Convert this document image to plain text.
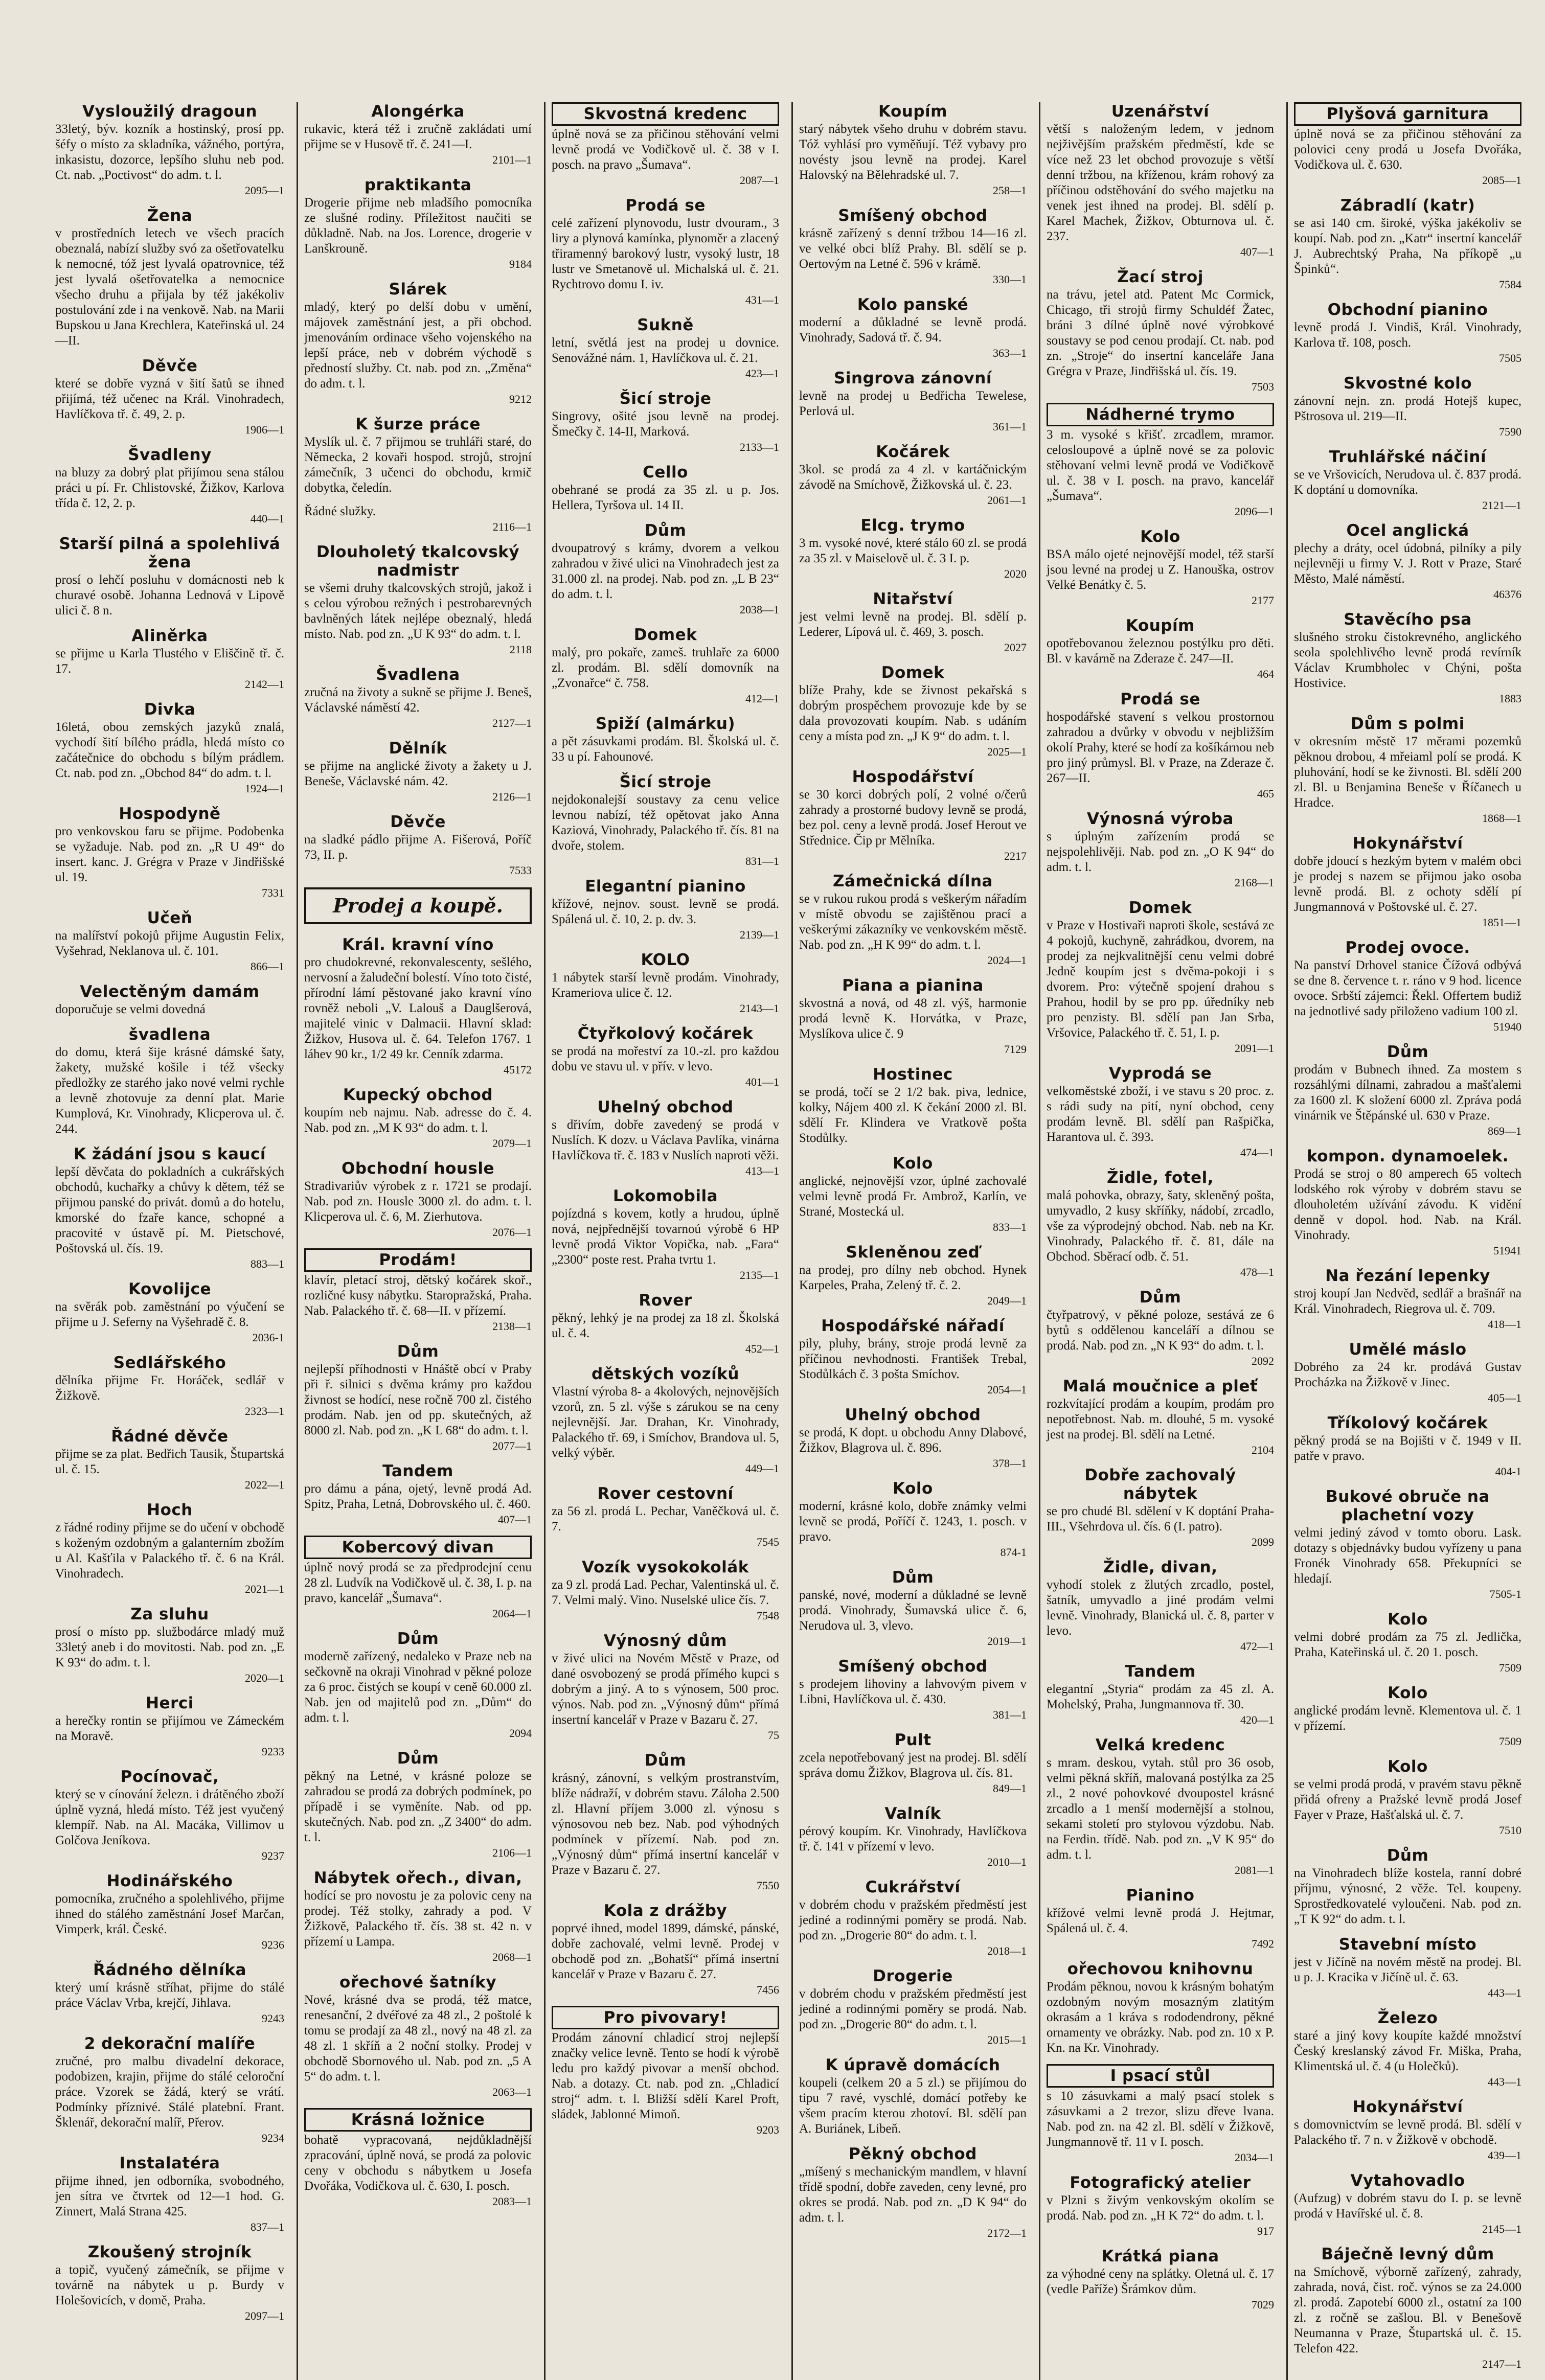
Vysloužilý dragoun

33letý, býv. kozník a hostinský, prosí pp. šéfy o místo za skladníka, vážného, portýra, inkasistu, dozorce, lepšího sluhu neb pod. Ct. nab. „Poctivost“ do adm. t. l.

2095—1

Žena

v prostředních letech ve všech pracích obeznalá, nabízí služby svó za ošetřovatelku k nemocné, tóž jest lyvalá opatrovnice, též jest lyvalá ošetřovatelka a nemocnice všecho druhu a přijala by též jakékoliv postulování zde i na venkově. Nab. na Marii Bupskou u Jana Krechlera, Kateřinská ul. 24—II.

Děvče

které se dobře vyzná v šití šatů se ihned přijímá, též učenec na Král. Vinohradech, Havlíčkova tř. č. 49, 2. p.

1906—1

Švadleny

na bluzy za dobrý plat přijímou sena stálou práci u pí. Fr. Chlistovské, Žižkov, Karlova třída č. 12, 2. p.

440—1

Starší pilná a spolehlivá žena

prosí o lehčí posluhu v domácnosti neb k churavé osobě. Johanna Lednová v Lipově ulici č. 8 n.

Aliněrka

se přijme u Karla Tlustého v Eliščině tř. č. 17.

2142—1

Divka

16letá, obou zemských jazyků znalá, vychodí šití bílého prádla, hledá místo co začátečnice do obchodu s bílým prádlem. Ct. nab. pod zn. „Obchod 84“ do adm. t. l.

1924—1

Hospodyně

pro venkovskou faru se přijme. Podobenka se vyžaduje. Nab. pod zn. „R U 49“ do insert. kanc. J. Grégra v Praze v Jindřišské ul. 19.

7331

Učeň

na malířství pokojů přijme Augustin Felix, Vyšehrad, Neklanova ul. č. 101.

866—1

Velectěným damám

doporučuje se velmi dovedná

švadlena

do domu, která šije krásné dámské šaty, žakety, mužské košile i též všecky předložky ze starého jako nové velmi rychle a levně zhotovuje za denní plat. Marie Kumplová, Kr. Vinohrady, Klicperova ul. č. 244.

K žádání jsou s kaucí

lepší děvčata do pokladních a cukrářských obchodů, kuchařky a chůvy k dětem, též se přijmou panské do privát. domů a do hotelu, kmorské do fzaře kance, schopné a pracovité v ústavě pí. M. Pietschové, Poštovská ul. čís. 19.

883—1

Kovolijce

na svěrák pob. zaměstnání po výučení se přijme u J. Seferny na Vyšehradě č. 8.

2036-1

Sedlářského

dělníka přijme Fr. Horáček, sedlář v Žižkově.

2323—1

Řádné děvče

přijme se za plat. Bedřich Tausik, Štupartská ul. č. 15.

2022—1

Hoch

z řádné rodiny přijme se do učení v obchodě s koženým ozdobným a galanterním zbožím u Al. Kašťila v Palackého tř. č. 6 na Král. Vinohradech.

2021—1

Za sluhu

prosí o místo pp. službodárce mladý muž 33letý aneb i do movitosti. Nab. pod zn. „E K 93“ do adm. t. l.

2020—1

Herci

a herečky rontin se přijímou ve Zámeckém na Moravě.

9233

Pocínovač,

který se v cínování železn. i drátěného zboží úplně vyzná, hledá místo. Též jest vyučený klempíř. Nab. na Al. Macáka, Villimov u Golčova Jeníkova.

9237

Hodinářského

pomocníka, zručného a spolehlivého, přijme ihned do stálého zaměstnání Josef Marčan, Vimperk, král. České.

9236

Řádného dělníka

který umí krásně stříhat, přijme do stálé práce Václav Vrba, krejčí, Jihlava.

9243

2 dekorační malíře

zručné, pro malbu divadelní dekorace, podobizen, krajin, přijme do stálé celoroční práce. Vzorek se žádá, který se vrátí. Podmínky příznivé. Stálé platební. Frant. Šklenář, dekorační malíř, Přerov.

9234

Instalatéra

přijme ihned, jen odborníka, svobodného, jen sítra ve čtvrtek od 12—1 hod. G. Zinnert, Malá Strana 425.

837—1

Zkoušený strojník

a topič, vyučený zámečník, se přijme v továrně na nábytek u p. Burdy v Holešovicích, v domě, Praha.

2097—1

Alongérka

rukavic, která též i zručně zakládati umí přijme se v Husově tř. č. 241—I.

2101—1

praktikanta

Drogerie přijme neb mladšího pomocníka ze slušné rodiny. Příležitost naučiti se důkladně. Nab. na Jos. Lorence, drogerie v Lanškrouně.

9184

Slárek

mladý, který po delší dobu v umění, májovek zaměstnání jest, a při obchod. jmenováním ordinace všeho vojenského na lepší práce, neb v dobrém východě s předností služby. Ct. nab. pod zn. „Změna“ do adm. t. l.

9212

K šurze práce

Myslík ul. č. 7 přijmou se truhláři staré, do Německa, 2 kovaři hospod. strojů, strojní zámečník, 3 učenci do obchodu, krmič dobytka, čeledín.

Řádné služky.

2116—1

Dlouholetý tkalcovský nadmistr

se všemi druhy tkalcovských strojů, jakož i s celou výrobou režných i pestrobarevných bavlněných látek nejlépe obeznalý, hledá místo. Nab. pod zn. „U K 93“ do adm. t. l.

2118

Švadlena

zručná na životy a sukně se přijme J. Beneš, Václavské náměstí 42.

2127—1

Dělník

se přijme na anglické životy a žakety u J. Beneše, Václavské nám. 42.

2126—1

Děvče

na sladké pádlo přijme A. Fišerová, Poříč 73, II. p.

7533

Prodej a koupě.
Král. kravní víno

pro chudokrevné, rekonvalescenty, sešlého, nervosní a žaludeční bolestí. Víno toto čisté, přírodní lámí pěstované jako kravní víno rovněž neboli „V. Lalouš a Dauglšerová, majitelé vinic v Dalmacii. Hlavní sklad: Žižkov, Husova ul. č. 64. Telefon 1767. 1 láhev 90 kr., 1/2 49 kr. Cenník zdarma.

45172

Kupecký obchod

koupím neb najmu. Nab. adresse do č. 4. Nab. pod zn. „M K 93“ do adm. t. l.

2079—1

Obchodní housle

Stradivariův výrobek z r. 1721 se prodají. Nab. pod zn. Housle 3000 zl. do adm. t. l. Klicperova ul. č. 6, M. Zierhutova.

2076—1

Prodám!

klavír, pletací stroj, dětský kočárek skoř., rozličné kusy nábytku. Staropražská, Praha. Nab. Palackého tř. č. 68—II. v přízemí.

2138—1

Dům

nejlepší příhodnosti v Hnáště obcí v Praby při ř. silnici s dvěma krámy pro každou živnost se hodící, nese ročně 700 zl. čistého prodám. Nab. jen od pp. skutečných, až 8000 zl. Nab. pod zn. „K L 68“ do adm. t. l.

2077—1

Tandem

pro dámu a pána, ojetý, levně prodá Ad. Spitz, Praha, Letná, Dobrovského ul. č. 460.

407—1

Kobercový divan

úplně nový prodá se za předprodejní cenu 28 zl. Ludvík na Vodičkově ul. č. 38, I. p. na pravo, kancelář „Šumava“.

2064—1

Dům

moderně zařízený, nedaleko v Praze neb na sečkovně na okraji Vinohrad v pěkné poloze za 6 proc. čistých se koupí v ceně 60.000 zl. Nab. jen od majitelů pod zn. „Dům“ do adm. t. l.

2094

Dům

pěkný na Letné, v krásné poloze se zahradou se prodá za dobrých podmínek, po případě i se vyměníte. Nab. od pp. skutečných. Nab. pod zn. „Z 3400“ do adm. t. l.

2106—1

Nábytek ořech., divan,

hodící se pro novostu je za polovic ceny na prodej. Též stolky, zahrady a pod. V Žižkově, Palackého tř. čís. 38 st. 42 n. v přízemí u Lampa.

2068—1

ořechové šatníky

Nové, krásné dva se prodá, též matce, renesanční, 2 dvéřové za 48 zl., 2 poštolé k tomu se prodají za 48 zl., nový na 48 zl. za 48 zl. 1 skříň a 2 noční stolky. Prodej v obchodě Sbornového ul. Nab. pod zn. „5 A 5“ do adm. t. l.

2063—1

Krásná ložnice

bohatě vypracovaná, nejdůkladnější zpracování, úplně nová, se prodá za polovic ceny v obchodu s nábytkem u Josefa Dvořáka, Vodičkova ul. č. 630, I. posch.

2083—1

Skvostná kredenc

úplně nová se za přičinou stěhování velmi levně prodá ve Vodičkově ul. č. 38 v I. posch. na pravo „Šumava“.

2087—1

Prodá se

celé zařízení plynovodu, lustr dvouram., 3 liry a plynová kamínka, plynoměr a zlacený třiramenný barokový lustr, vysoký lustr, 18 lustr ve Smetanově ul. Michalská ul. č. 21. Rychtrovo domu I. iv.

431—1

Sukně

letní, světlá jest na prodej u dovnice. Senovážné nám. 1, Havlíčkova ul. č. 21.

423—1

Šicí stroje

Singrovy, ošité jsou levně na prodej. Šmečky č. 14-II, Marková.

2133—1

Cello

obehrané se prodá za 35 zl. u p. Jos. Hellera, Tyršova ul. 14 II.

Dům

dvoupatrový s krámy, dvorem a velkou zahradou v živé ulici na Vinohradech jest za 31.000 zl. na prodej. Nab. pod zn. „L B 23“ do adm. t. l.

2038—1

Domek

malý, pro pokaře, zameš. truhlaře za 6000 zl. prodám. Bl. sdělí domovník na „Zvonařce“ č. 758.

412—1

Spiží (almárku)

a pět zásuvkami prodám. Bl. Školská ul. č. 33 u pí. Fahounové.

Šicí stroje

nejdokonalejší soustavy za cenu velice levnou nabízí, též opětovat jako Anna Kaziová, Vinohrady, Palackého tř. čís. 81 na dvoře, stolem.

831—1

Elegantní pianino

křížové, nejnov. soust. levně se prodá. Spálená ul. č. 10, 2. p. dv. 3.

2139—1

KOLO

1 nábytek starší levně prodám. Vinohrady, Krameriova ulice č. 12.

2143—1

Čtyřkolový kočárek

se prodá na mořeství za 10.-zl. pro každou dobu ve stavu ul. v přív. v levo.

401—1

Uhelný obchod

s dřivím, dobře zavedený se prodá v Nuslích. K dozv. u Václava Pavlíka, vinárna Havlíčkova tř. č. 183 v Nuslích naproti věži.

413—1

Lokomobila

pojízdná s kovem, kotly a hrudou, úplně nová, nejpřednější tovarnoú výrobě 6 HP levně prodá Viktor Vopička, nab. „Fara“ „2300“ poste rest. Praha tvrtu 1.

2135—1

Rover

pěkný, lehký je na prodej za 18 zl. Školská ul. č. 4.

452—1

dětských vozíků

Vlastní výroba 8- a 4kolových, nejnovějších vzorů, zn. 5 zl. výše s zárukou se na ceny nejlevnější. Jar. Drahan, Kr. Vinohrady, Palackého tř. 69, i Smíchov, Brandova ul. 5, velký výběr.

449—1

Rover cestovní

za 56 zl. prodá L. Pechar, Vaněčková ul. č. 7.

7545

Vozík vysokokolák

za 9 zl. prodá Lad. Pechar, Valentinská ul. č. 7. Velmi malý. Vino. Nuselské ulice čís. 7.

7548

Výnosný dům

v živé ulici na Novém Městě v Praze, od dané osvobozený se prodá přímého kupci s dobrým a jiný. A to s výnosem, 500 proc. výnos. Nab. pod zn. „Výnosný dům“ přímá insertní kancelář v Praze v Bazaru č. 27.

75

Dům

krásný, zánovní, s velkým prostranstvím, blíže nádraží, v dobrém stavu. Záloha 2.500 zl. Hlavní příjem 3.000 zl. výnosu s výnosovou neb bez. Nab. pod výhodných podmínek v přízemí. Nab. pod zn. „Výnosný dům“ přímá insertní kancelář v Praze v Bazaru č. 27.

7550

Kola z drážby

poprvé ihned, model 1899, dámské, pánské, dobře zachovalé, velmi levně. Prodej v obchodě pod zn. „Bohatší“ přímá insertní kancelář v Praze v Bazaru č. 27.

7456

Pro pivovary!

Prodám zánovní chladicí stroj nejlepší značky velice levně. Tento se hodí k výrobě ledu pro každý pivovar a menší obchod. Nab. a dotazy. Ct. nab. pod zn. „Chladicí stroj“ adm. t. l. Bližší sdělí Karel Proft, sládek, Jablonné Mimoň.

9203

Koupím

starý nábytek všeho druhu v dobrém stavu. Tóž vyhlásí pro vyměňují. Též vybavy pro novésty jsou levně na prodej. Karel Halovský na Bělehradské ul. 7.

258—1

Smíšený obchod

krásně zařízený s denní tržbou 14—16 zl. ve velké obci blíž Prahy. Bl. sdělí se p. Oertovým na Letné č. 596 v krámě.

330—1

Kolo panské

moderní a důkladné se levně prodá. Vinohrady, Sadová tř. č. 94.

363—1

Singrova zánovní

levně na prodej u Bedřicha Tewelese, Perlová ul.

361—1

Kočárek

3kol. se prodá za 4 zl. v kartáčnickým závodě na Smíchově, Žižkovská ul. č. 23.

2061—1

Elcg. trymo

3 m. vysoké nové, které stálo 60 zl. se prodá za 35 zl. v Maiselově ul. č. 3 I. p.

2020

Nitařství

jest velmi levně na prodej. Bl. sdělí p. Lederer, Lípová ul. č. 469, 3. posch.

2027

Domek

blíže Prahy, kde se živnost pekařská s dobrým prospěchem provozuje kde by se dala provozovati koupím. Nab. s udáním ceny a místa pod zn. „J K 9“ do adm. t. l.

2025—1

Hospodářství

se 30 korci dobrých polí, 2 volné o/čerů zahrady a prostorné budovy levně se prodá, bez pol. ceny a levně prodá. Josef Herout ve Střednice. Čip pr Mělníka.

2217

Zámečnická dílna

se v rukou rukou prodá s veškerým nářadím v místě obvodu se zajištěnou prací a veškerými zákazníky ve venkovském městě. Nab. pod zn. „H K 99“ do adm. t. l.

2024—1

Piana a pianina

skvostná a nová, od 48 zl. výš, harmonie prodá levně K. Horvátka, v Praze, Myslíkova ulice č. 9

7129

Hostinec

se prodá, točí se 2 1/2 bak. piva, lednice, kolky, Nájem 400 zl. K čekání 2000 zl. Bl. sdělí Fr. Klindera ve Vratkově pošta Stodůlky.

Kolo

anglické, nejnovější vzor, úplné zachovalé velmi levně prodá Fr. Ambrož, Karlín, ve Strané, Mostecká ul.

833—1

Skleněnou zeď

na prodej, pro dílny neb obchod. Hynek Karpeles, Praha, Zelený tř. č. 2.

2049—1

Hospodářské nářadí

pily, pluhy, brány, stroje prodá levně za příčinou nevhodnosti. František Trebal, Stodůlkách č. 3 pošta Smíchov.

2054—1

Uhelný obchod

se prodá, K dopt. u obchodu Anny Dlabové, Žižkov, Blagrova ul. č. 896.

378—1

Kolo

moderní, krásné kolo, dobře známky velmi levně se prodá, Poříčí č. 1243, 1. posch. v pravo.

874-1

Dům

panské, nové, moderní a důkladné se levně prodá. Vinohrady, Šumavská ulice č. 6, Nerudova ul. 3, vlevo.

2019—1

Smíšený obchod

s prodejem lihoviny a lahvovým pivem v Libni, Havlíčkova ul. č. 430.

381—1

Pult

zcela nepotřebovaný jest na prodej. Bl. sdělí správa domu Žižkov, Blagrova ul. čís. 81.

849—1

Valník

pérový koupím. Kr. Vinohrady, Havlíčkova tř. č. 141 v přízemí v levo.

2010—1

Cukrářství

v dobrém chodu v pražském předměstí jest jediné a rodinnými poměry se prodá. Nab. pod zn. „Drogerie 80“ do adm. t. l.

2018—1

Drogerie

v dobrém chodu v pražském předměstí jest jediné a rodinnými poměry se prodá. Nab. pod zn. „Drogerie 80“ do adm. t. l.

2015—1

K úpravě domácích

koupeli (celkem 20 a 5 zl.) se přijímou do tipu 7 ravé, vyschlé, domácí potřeby ke všem pracím kterou zhotoví. Bl. sdělí pan A. Buriánek, Libeň.

Pěkný obchod

„míšený s mechanickým mandlem, v hlavní třídě spodní, dobře zaveden, ceny levné, pro okres se prodá. Nab. pod zn. „D K 94“ do adm. t. l.

2172—1

Uzenářství

větší s naloženým ledem, v jednom nejživějším pražském předměstí, kde se více než 23 let obchod provozuje s větší denní tržbou, na kříženou, krám rohový za příčinou odstěhování do svého majetku na venek jest ihned na prodej. Bl. sdělí p. Karel Machek, Žižkov, Obturnova ul. č. 237.

407—1

Žací stroj

na trávu, jetel atd. Patent Mc Cormick, Chicago, tři strojů firmy Schuldéf Žatec, bráni 3 dílné úplně nové výrobkové soustavy se pod cenou prodají. Ct. nab. pod zn. „Stroje“ do insertní kanceláře Jana Grégra v Praze, Jindřišská ul. čís. 19.

7503

Nádherné trymo

3 m. vysoké s křišť. zrcadlem, mramor. celosloupové a úplně nové se za polovic stěhovaní velmi levně prodá ve Vodičkově ul. č. 38 v I. posch. na pravo, kancelář „Šumava“.

2096—1

Kolo

BSA málo ojeté nejnovější model, též starší jsou levné na prodej u Z. Hanouška, ostrov Velké Benátky č. 5.

2177

Koupím

opotřebovanou železnou postýlku pro děti. Bl. v kavárně na Zderaze č. 247—II.

464

Prodá se

hospodářské stavení s velkou prostornou zahradou a dvůrky v obvodu v nejbližším okolí Prahy, které se hodí za košíkárnou neb pro jiný průmysl. Bl. v Praze, na Zderaze č. 267—II.

465

Výnosná výroba

s úplným zařízením prodá se nejspolehlivěji. Nab. pod zn. „O K 94“ do adm. t. l.

2168—1

Domek

v Praze v Hostivaři naproti škole, sestává ze 4 pokojů, kuchyně, zahrádkou, dvorem, na prodej za nejkvalitnější cenu velmi dobré Jedně koupím jest s dvěma-pokoji i s dvorem. Pro: výtečně spojení drahou s Prahou, hodil by se pro pp. úředníky neb pro penzisty. Bl. sdělí pan Jan Srba, Vršovice, Palackého tř. č. 51, I. p.

2091—1

Vyprodá se

velkoměstské zboží, i ve stavu s 20 proc. z. s rádi sudy na pití, nyní obchod, ceny prodám levně. Bl. sdělí pan Rašpička, Harantova ul. č. 393.

474—1

Židle, fotel,

malá pohovka, obrazy, šaty, skleněný pošta, umyvadlo, 2 kusy skříňky, nádobí, zrcadlo, vše za výprodejný obchod. Nab. neb na Kr. Vinohrady, Palackého tř. č. 81, dále na Obchod. Sběrací odb. č. 51.

478—1

Dům

čtyřpatrový, v pěkné poloze, sestává ze 6 bytů s oddělenou kanceláří a dílnou se prodá. Nab. pod zn. „N K 93“ do adm. t. l.

2092

Malá moučnice a pleť

rozkvítající prodám a koupím, prodám pro nepotřebnost. Nab. m. dlouhé, 5 m. vysoké jest na prodej. Bl. sdělí na Letné.

2104

Dobře zachovalý nábytek

se pro chudé Bl. sdělení v K doptání Praha-III., Všehrdova ul. čís. 6 (I. patro).

2099

Židle, divan,

vyhodí stolek z žlutých zrcadlo, postel, šatník, umyvadlo a jiné prodám velmi levně. Vinohrady, Blanická ul. č. 8, parter v levo.

472—1

Tandem

elegantní „Styria“ prodám za 45 zl. A. Mohelský, Praha, Jungmannova tř. 30.

420—1

Velká kredenc

s mram. deskou, vytah. stůl pro 36 osob, velmi pěkná skříň, malovaná postýlka za 25 zl., 2 nové pohovkové dvoupostel krásné zrcadlo a 1 menší modernější a stolnou, sekami století pro stylovou výzdobu. Nab. na Ferdin. třídě. Nab. pod zn. „V K 95“ do adm. t. l.

2081—1

Pianino

křížové velmi levně prodá J. Hejtmar, Spálená ul. č. 4.

7492

ořechovou knihovnu

Prodám pěknou, novou k krásným bohatým ozdobným novým mosazným zlatitým okrasám a 1 kráva s rododendrony, pěkné ornamenty ve obrázky. Nab. pod zn. 10 x P. Kn. na Kr. Vinohrady.

I psací stůl

s 10 zásuvkami a malý psací stolek s zásuvkami a 2 trezor, slizu dřeve lvana. Nab. pod zn. na 42 zl. Bl. sdělí v Žižkově, Jungmannově tř. 11 v I. posch.

2034—1

Fotografický atelier

v Plzni s živým venkovským okolím se prodá. Nab. pod zn. „H K 72“ do adm. t. l.

917

Krátká piana

za výhodné ceny na splátky. Oletná ul. č. 17 (vedle Paříže) Šrámkov dům.

7029

Plyšová garnitura

úplně nová se za přičinou stěhování za polovici ceny prodá u Josefa Dvořáka, Vodičkova ul. č. 630.

2085—1

Zábradlí (katr)

se asi 140 cm. široké, výška jakékoliv se koupí. Nab. pod zn. „Katr“ insertní kancelář J. Aubrechtský Praha, Na příkopě „u Špinků“.

7584

Obchodní pianino

levně prodá J. Vindiš, Král. Vinohrady, Karlova tř. 108, posch.

7505

Skvostné kolo

zánovní nejn. zn. prodá Hotejš kupec, Pštrosova ul. 219—II.

7590

Truhlářské náčiní

se ve Vršovicích, Nerudova ul. č. 837 prodá. K doptání u domovníka.

2121—1

Ocel anglická

plechy a dráty, ocel údobná, pilníky a pily nejlevněji u firmy V. J. Rott v Praze, Staré Město, Malé náměstí.

46376

Stavěcího psa

slušného stroku čistokrevného, anglického seola spolehlivého levně prodá revírník Václav Krumbholec v Chýni, pošta Hostivice.

1883

Dům s polmi

v okresním městě 17 měrami pozemků pěknou drobou, 4 mřeiaml polí se prodá. K pluhování, hodí se ke živnosti. Bl. sdělí 200 zl. Bl. u Benjamina Beneše v Říčanech u Hradce.

1868—1

Hokynářství

dobře jdoucí s hezkým bytem v malém obci je prodej s nazem se přijmou jako osoba levně prodá. Bl. z ochoty sdělí pí Jungmannová v Poštovské ul. č. 27.

1851—1

Prodej ovoce.

Na panství Drhovel stanice Čížová odbývá se dne 8. července t. r. ráno v 9 hod. licence ovoce. Srbští zájemci: Řekl. Offertem budiž na jednotlivé sady přiloženo vadium 100 zl.

51940

Dům

prodám v Bubnech ihned. Za mostem s rozsáhlými dílnami, zahradou a mašťalemi za 1600 zl. K složení 6000 zl. Zpráva podá vinárnik ve Štěpánské ul. 630 v Praze.

869—1

kompon. dynamoelek.

Prodá se stroj o 80 amperech 65 voltech lodského rok výroby v dobrém stavu se dlouholetém užívání závodu. K vidění denně v dopol. hod. Nab. na Král. Vinohrady.

51941

Na řezání lepenky

stroj koupí Jan Nedvěd, sedlář a brašnář na Král. Vinohradech, Riegrova ul. č. 709.

418—1

Umělé máslo

Dobrého za 24 kr. prodává Gustav Procházka na Žižkově v Jinec.

405—1

Tříkolový kočárek

pěkný prodá se na Bojišti v č. 1949 v II. patře v pravo.

404-1

Bukové obruče na plachetní vozy

velmi jediný závod v tomto oboru. Lask. dotazy s objednávky budou vyřízeny u pana Fronék Vinohrady 658. Překupníci se hledají.

7505-1

Kolo

velmi dobré prodám za 75 zl. Jedlička, Praha, Kateřinská ul. č. 20 1. posch.

7509

Kolo

anglické prodám levně. Klementova ul. č. 1 v přízemí.

7509

Kolo

se velmi prodá prodá, v pravém stavu pěkně přidá ofreny a Pražské levně prodá Josef Fayer v Praze, Hašťalská ul. č. 7.

7510

Dům

na Vinohradech blíže kostela, ranní dobré příjmu, výnosné, 2 věže. Tel. koupeny. Sprostředkovatelé vyloučeni. Nab. pod zn. „T K 92“ do adm. t. l.

Stavební místo

jest v Jičíně na novém městě na prodej. Bl. u p. J. Kracika v Jičíně ul. č. 63.

443—1

Železo

staré a jiný kovy koupíte každé množství Český kreslanský závod Fr. Miška, Praha, Klimentská ul. č. 4 (u Holečků).

443—1

Hokynářství

s domovnictvím se levně prodá. Bl. sdělí v Palackého tř. 7 n. v Žižkově v obchodě.

439—1

Vytahovadlo

(Aufzug) v dobrém stavu do I. p. se levně prodá v Havířské ul. č. 8.

2145—1

Báječně levný dům

na Smíchově, výborně zařízený, zahrady, zahrada, nová, čist. roč. výnos se za 24.000 zl. prodá. Zapotebí 6000 zl., ostatní za 100 zl. z ročně se zašlou. Bl. v Benešově Neumanna v Praze, Štupartská ul. č. 15. Telefon 422.

2147—1
